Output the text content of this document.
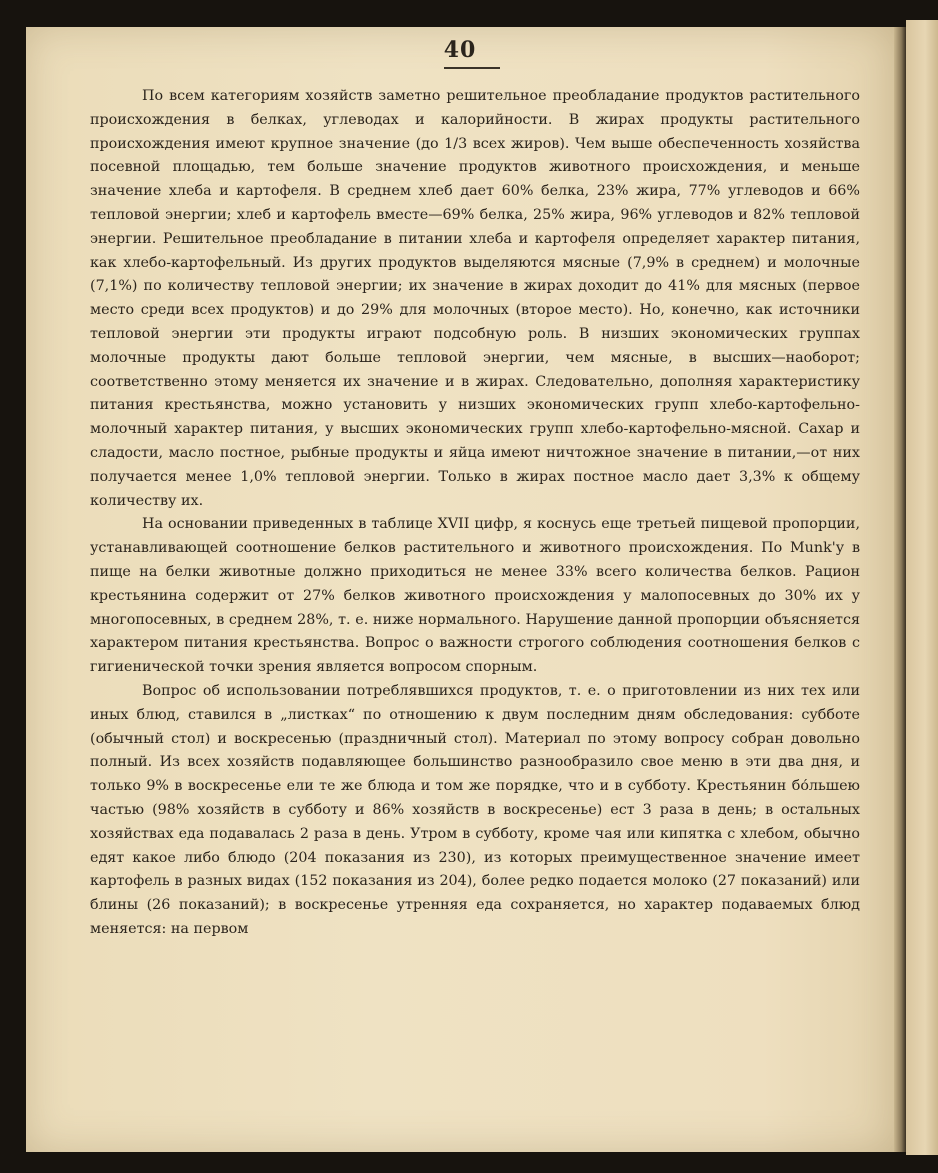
40

По всем категориям хозяйств заметно решительное преобладание продуктов растительного происхождения в белках, углеводах и калорийности. В жирах продукты растительного происхождения имеют крупное значение (до 1/3 всех жиров). Чем выше обеспеченность хозяйства посевной площадью, тем больше значение продуктов животного происхождения, и меньше значение хлеба и картофеля. В среднем хлеб дает 60% белка, 23% жира, 77% углеводов и 66% тепловой энергии; хлеб и картофель вместе—69% белка, 25% жира, 96% углеводов и 82% тепловой энергии. Решительное преобладание в питании хлеба и картофеля определяет характер питания, как хлебо-картофельный. Из других продуктов выделяются мясные (7,9% в среднем) и молочные (7,1%) по количеству тепловой энергии; их значение в жирах доходит до 41% для мясных (первое место среди всех продуктов) и до 29% для молочных (второе место). Но, конечно, как источники тепловой энергии эти продукты играют подсобную роль. В низших экономических группах молочные продукты дают больше тепловой энергии, чем мясные, в высших—наоборот; соответственно этому меняется их значение и в жирах. Следовательно, дополняя характеристику питания крестьянства, можно установить у низших экономических групп хлебо-картофельно-молочный характер питания, у высших экономических групп хлебо-картофельно-мясной. Сахар и сладости, масло постное, рыбные продукты и яйца имеют ничтожное значение в питании,—от них получается менее 1,0% тепловой энергии. Только в жирах постное масло дает 3,3% к общему количеству их.

На основании приведенных в таблице XVII цифр, я коснусь еще третьей пищевой пропорции, устанавливающей соотношение белков растительного и животного происхождения. По Munk'у в пище на белки животные должно приходиться не менее 33% всего количества белков. Рацион крестьянина содержит от 27% белков животного происхождения у малопосевных до 30% их у многопосевных, в среднем 28%, т. е. ниже нормального. Нарушение данной пропорции объясняется характером питания крестьянства. Вопрос о важности строгого соблюдения соотношения белков с гигиенической точки зрения является вопросом спорным.

Вопрос об использовании потреблявшихся продуктов, т. е. о приготовлении из них тех или иных блюд, ставился в „листках“ по отношению к двум последним дням обследования: субботе (обычный стол) и воскресенью (праздничный стол). Материал по этому вопросу собран довольно полный. Из всех хозяйств подавляющее большинство разнообразило свое меню в эти два дня, и только 9% в воскресенье ели те же блюда и том же порядке, что и в субботу. Крестьянин бо́льшею частью (98% хозяйств в субботу и 86% хозяйств в воскресенье) ест 3 раза в день; в остальных хозяйствах еда подавалась 2 раза в день. Утром в субботу, кроме чая или кипятка с хлебом, обычно едят какое либо блюдо (204 показания из 230), из которых преимущественное значение имеет картофель в разных видах (152 показания из 204), более редко подается молоко (27 показаний) или блины (26 показаний); в воскресенье утренняя еда сохраняется, но характер подаваемых блюд меняется: на первом
